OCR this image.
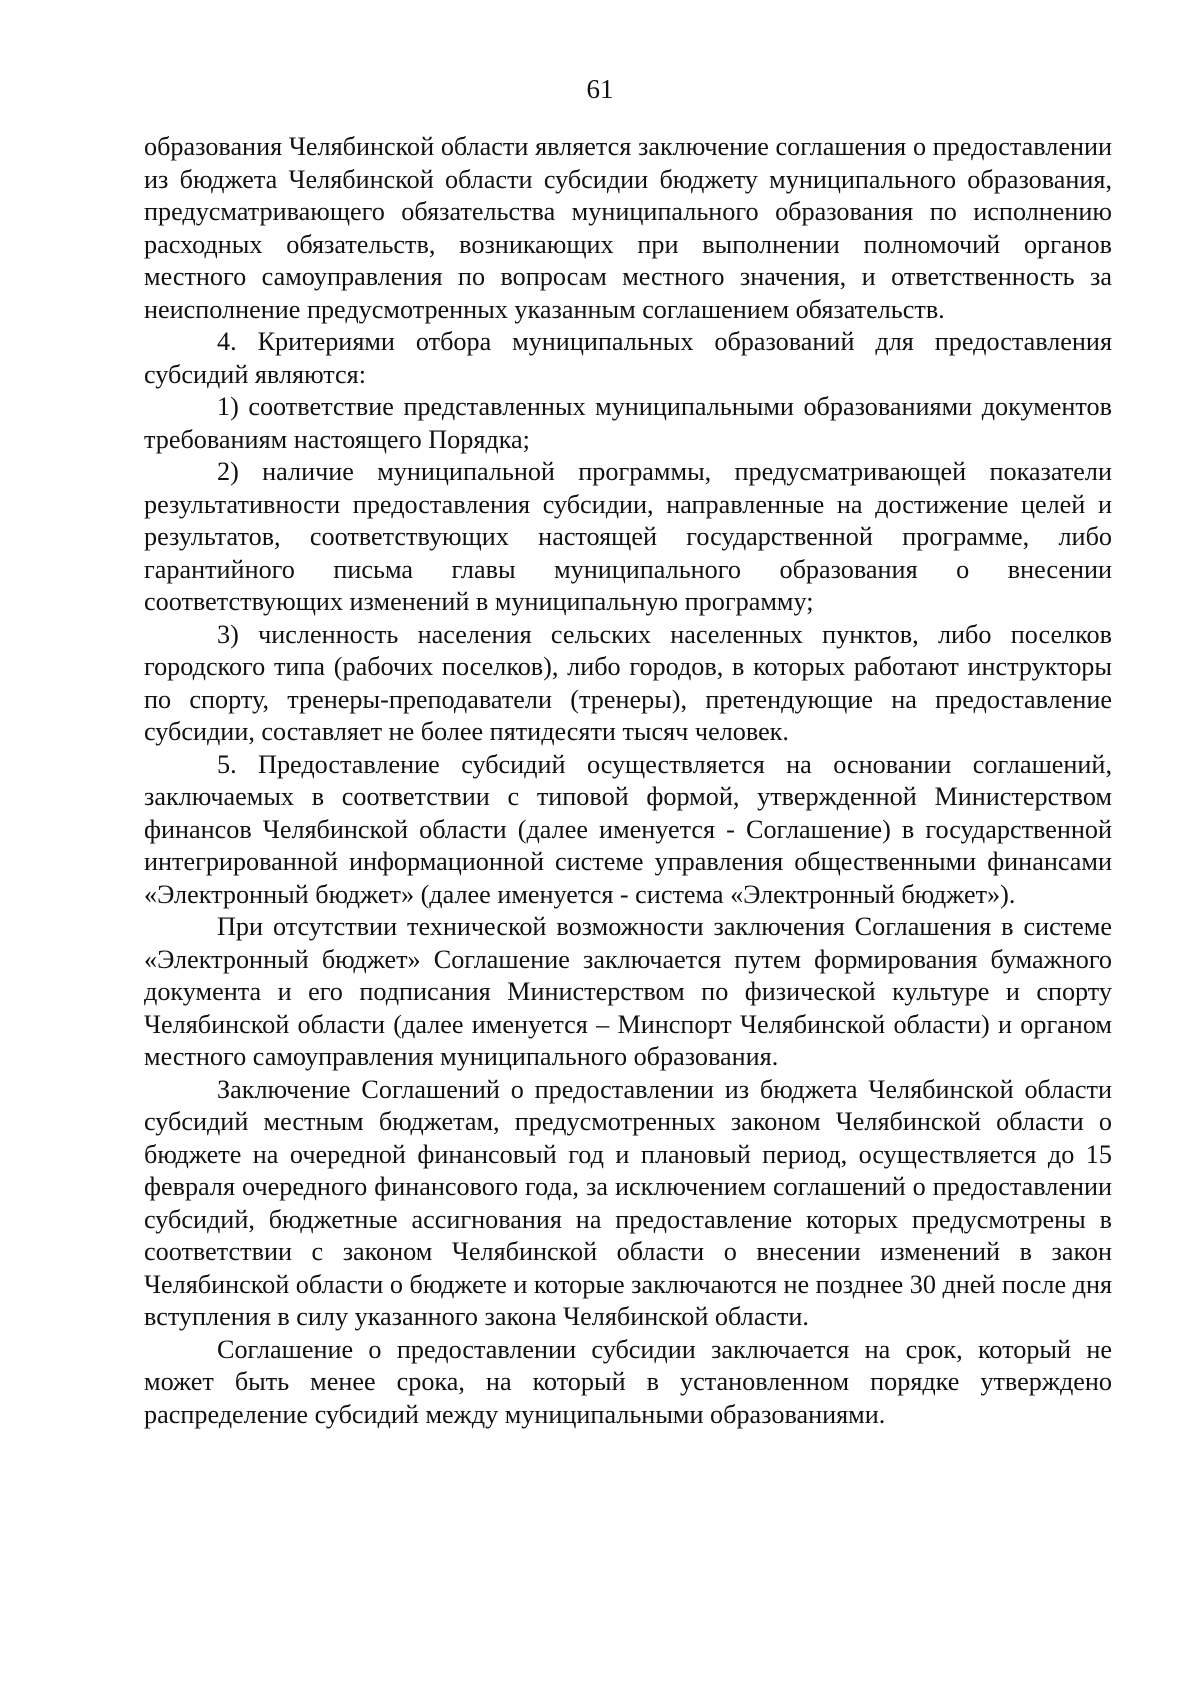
61

образования Челябинской области является заключение соглашения о предоставлении из бюджета Челябинской области субсидии бюджету муниципального образования, предусматривающего обязательства муниципального образования по исполнению расходных обязательств, возникающих при выполнении полномочий органов местного самоуправления по вопросам местного значения, и ответственность за неисполнение предусмотренных указанным соглашением обязательств.

4. Критериями отбора муниципальных образований для предоставления субсидий являются:

1) соответствие представленных муниципальными образованиями документов требованиям настоящего Порядка;

2) наличие муниципальной программы, предусматривающей показатели результативности предоставления субсидии, направленные на достижение целей и результатов, соответствующих настоящей государственной программе, либо гарантийного письма главы муниципального образования о внесении соответствующих изменений в муниципальную программу;

3) численность населения сельских населенных пунктов, либо поселков городского типа (рабочих поселков), либо городов, в которых работают инструкторы по спорту, тренеры-преподаватели (тренеры), претендующие на предоставление субсидии, составляет не более пятидесяти тысяч человек.

5. Предоставление субсидий осуществляется на основании соглашений, заключаемых в соответствии с типовой формой, утвержденной Министерством финансов Челябинской области (далее именуется - Соглашение) в государственной интегрированной информационной системе управления общественными финансами «Электронный бюджет» (далее именуется - система «Электронный бюджет»).

При отсутствии технической возможности заключения Соглашения в системе «Электронный бюджет» Соглашение заключается путем формирования бумажного документа и его подписания Министерством по физической культуре и спорту Челябинской области (далее именуется – Минспорт Челябинской области) и органом местного самоуправления муниципального образования.

Заключение Соглашений о предоставлении из бюджета Челябинской области субсидий местным бюджетам, предусмотренных законом Челябинской области о бюджете на очередной финансовый год и плановый период, осуществляется до 15 февраля очередного финансового года, за исключением соглашений о предоставлении субсидий, бюджетные ассигнования на предоставление которых предусмотрены в соответствии с законом Челябинской области о внесении изменений в закон Челябинской области о бюджете и которые заключаются не позднее 30 дней после дня вступления в силу указанного закона Челябинской области.

Соглашение о предоставлении субсидии заключается на срок, который не может быть менее срока, на который в установленном порядке утверждено распределение субсидий между муниципальными образованиями.
